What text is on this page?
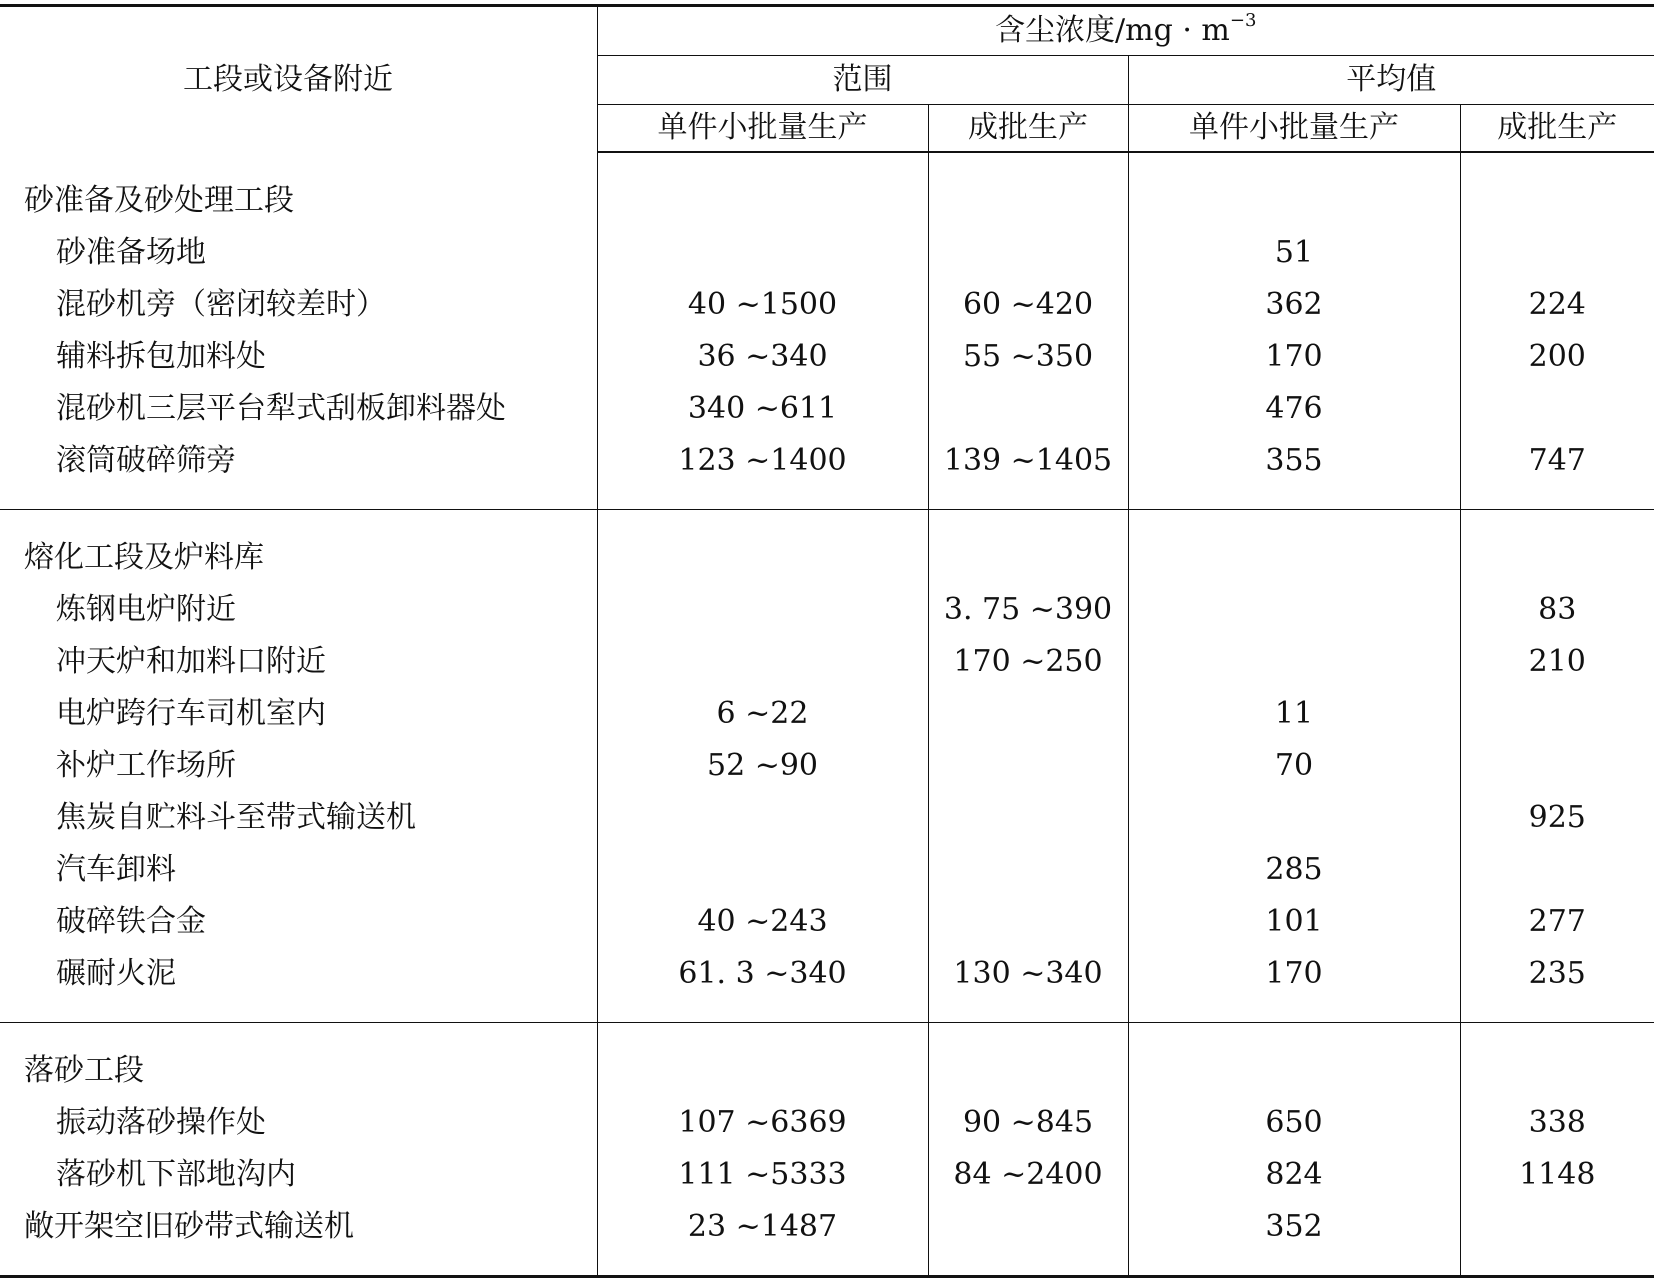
工段或设备附近	含尘浓度$/mg \cdot m^{-3}$
	范围		平均值	
	单件小批量生产	成批生产	单件小批量生产	成批生产

砂准备及砂处理工段				
砂准备场地			51	
混砂机旁（密闭较差时）	40 ~1500	60 ~420	362	224
辅料拆包加料处	36 ~340	55 ~350	170	200
混砂机三层平台犁式刮板卸料器处	340 ~611		476	
滚筒破碎筛旁	123 ~1400	139 ~1405	355	747

熔化工段及炉料库				
炼钢电炉附近		3. 75 ~390		83
冲天炉和加料口附近		170 ~250		210
电炉跨行车司机室内	6 ~22		11	
补炉工作场所	52 ~90		70	
焦炭自贮料斗至带式输送机				925
汽车卸料			285	
破碎铁合金	40 ~243		101	277
碾耐火泥	61. 3 ~340	130 ~340	170	235

落砂工段				
振动落砂操作处	107 ~6369	90 ~845	650	338
落砂机下部地沟内	111 ~5333	84 ~2400	824	1148
敞开架空旧砂带式输送机	23 ~1487		352	
